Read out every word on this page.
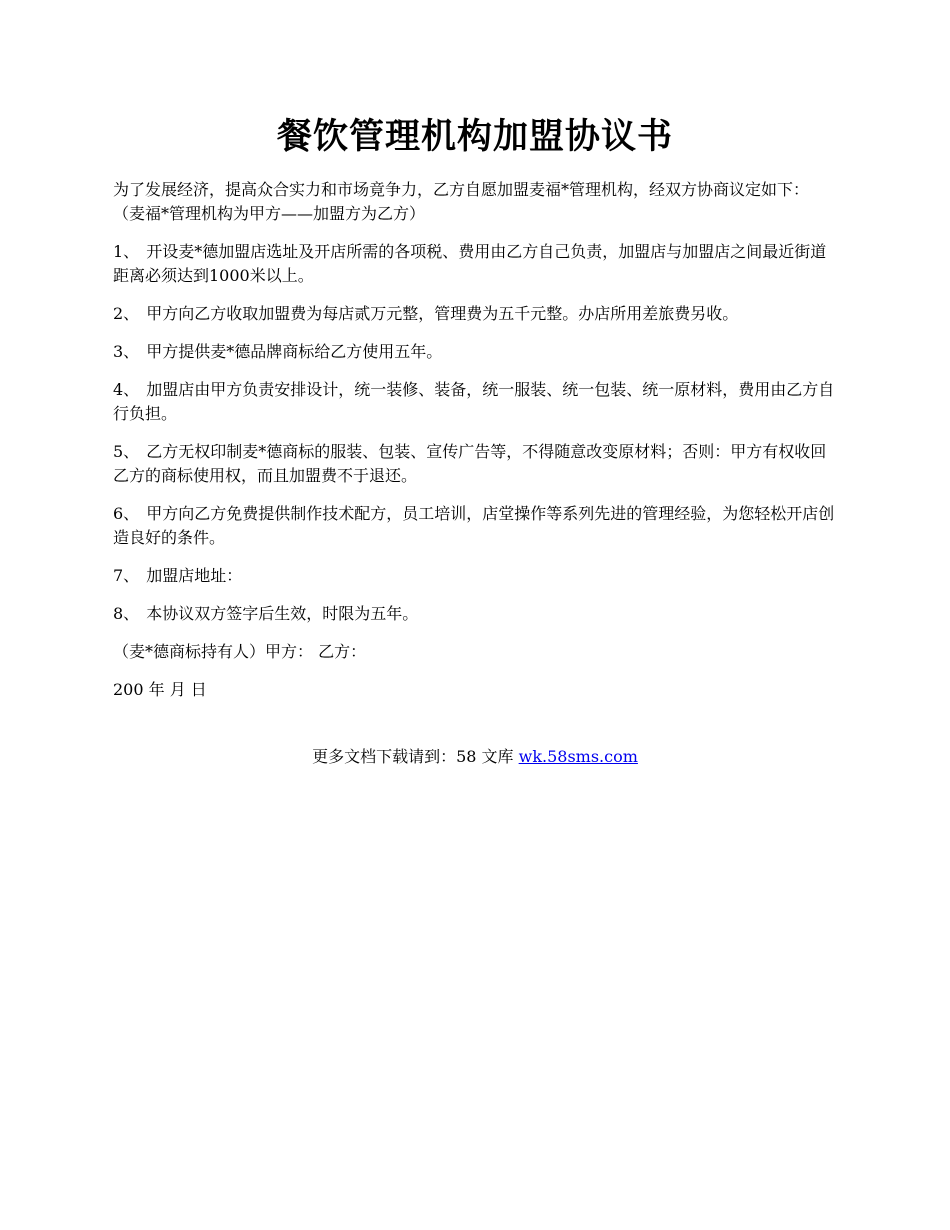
餐饮管理机构加盟协议书

为了发展经济，提高众合实力和市场竟争力，乙方自愿加盟麦福*管理机构，经双方协商议定如下： （麦福*管理机构为甲方——加盟方为乙方）

1、 开设麦*德加盟店选址及开店所需的各项税、费用由乙方自己负责，加盟店与加盟店之间最近街道距离必须达到1000米以上。

2、 甲方向乙方收取加盟费为每店贰万元整，管理费为五千元整。办店所用差旅费另收。

3、 甲方提供麦*德品牌商标给乙方使用五年。

4、 加盟店由甲方负责安排设计，统一装修、装备，统一服装、统一包装、统一原材料，费用由乙方自行负担。

5、 乙方无权印制麦*德商标的服装、包装、宣传广告等，不得随意改变原材料；否则：甲方有权收回乙方的商标使用权，而且加盟费不于退还。

6、 甲方向乙方免费提供制作技术配方，员工培训，店堂操作等系列先进的管理经验，为您轻松开店创造良好的条件。

7、 加盟店地址：

8、 本协议双方签字后生效，时限为五年。

（麦*德商标持有人）甲方： 乙方：

200 年 月 日

更多文档下载请到：58 文库 wk.58sms.com
